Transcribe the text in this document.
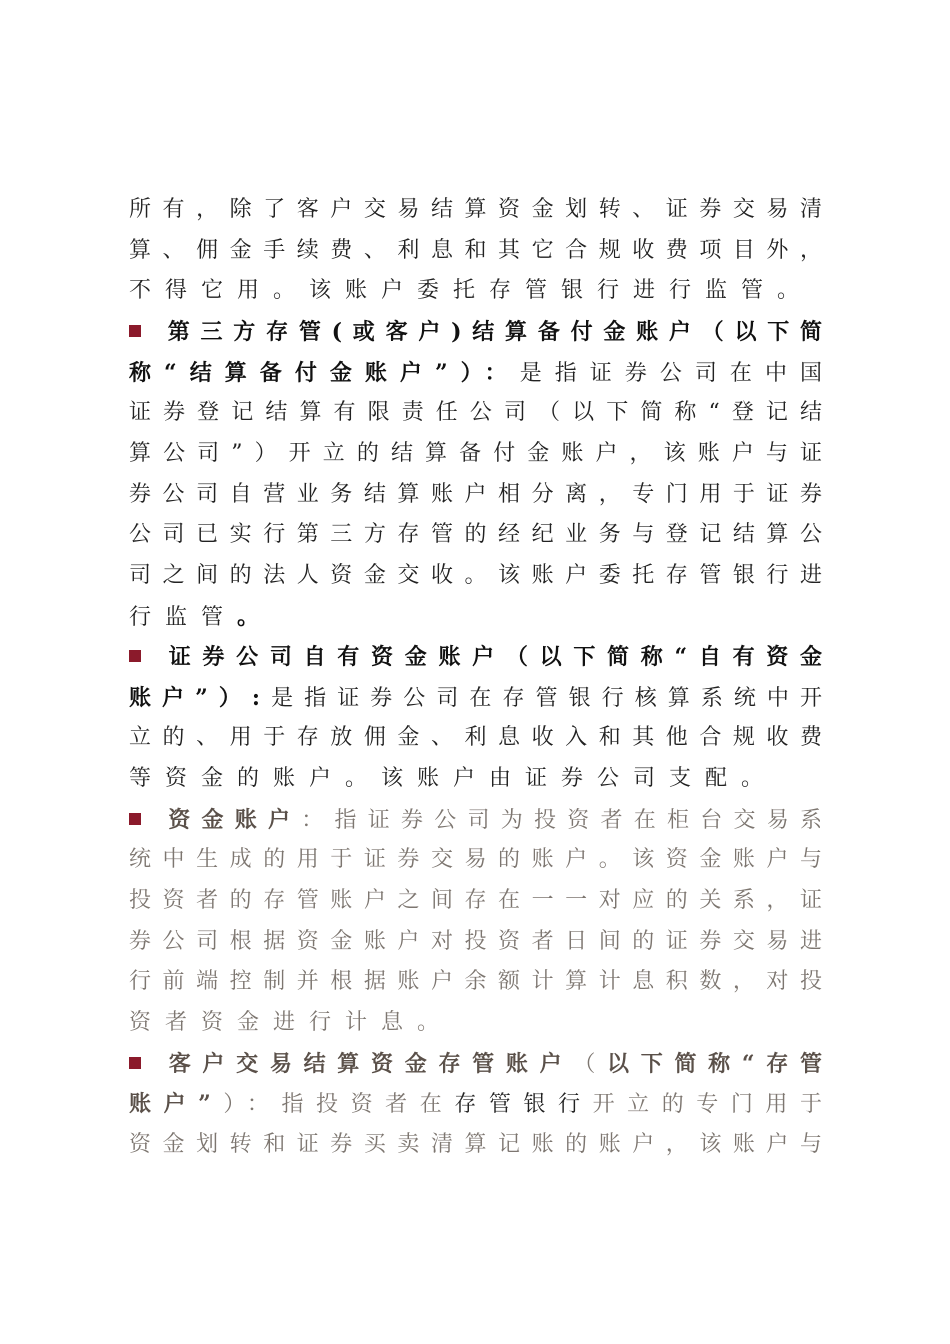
所有，除了客户交易结算资金划转、证券交易清
算、佣金手续费、利息和其它合规收费项目外，
不得它用。该账户委托存管银行进行监管。
第三方存管(或客户)结算备付金账户（以下简
称“结算备付金账户”）：是指证券公司在中国
证券登记结算有限责任公司（以下简称“登记结
算公司”）开立的结算备付金账户，该账户与证
券公司自营业务结算账户相分离，专门用于证券
公司已实行第三方存管的经纪业务与登记结算公
司之间的法人资金交收。该账户委托存管银行进
行监管。
证券公司自有资金账户（以下简称“自有资金
账户”）:是指证券公司在存管银行核算系统中开
立的、用于存放佣金、利息收入和其他合规收费
等资金的账户。该账户由证券公司支配。
资金账户：指证券公司为投资者在柜台交易系
统中生成的用于证券交易的账户。该资金账户与
投资者的存管账户之间存在一一对应的关系，证
券公司根据资金账户对投资者日间的证券交易进
行前端控制并根据账户余额计算计息积数，对投
资者资金进行计息。
客户交易结算资金存管账户（以下简称“存管
账户”）：指投资者在存管银行开立的专门用于
资金划转和证券买卖清算记账的账户，该账户与
